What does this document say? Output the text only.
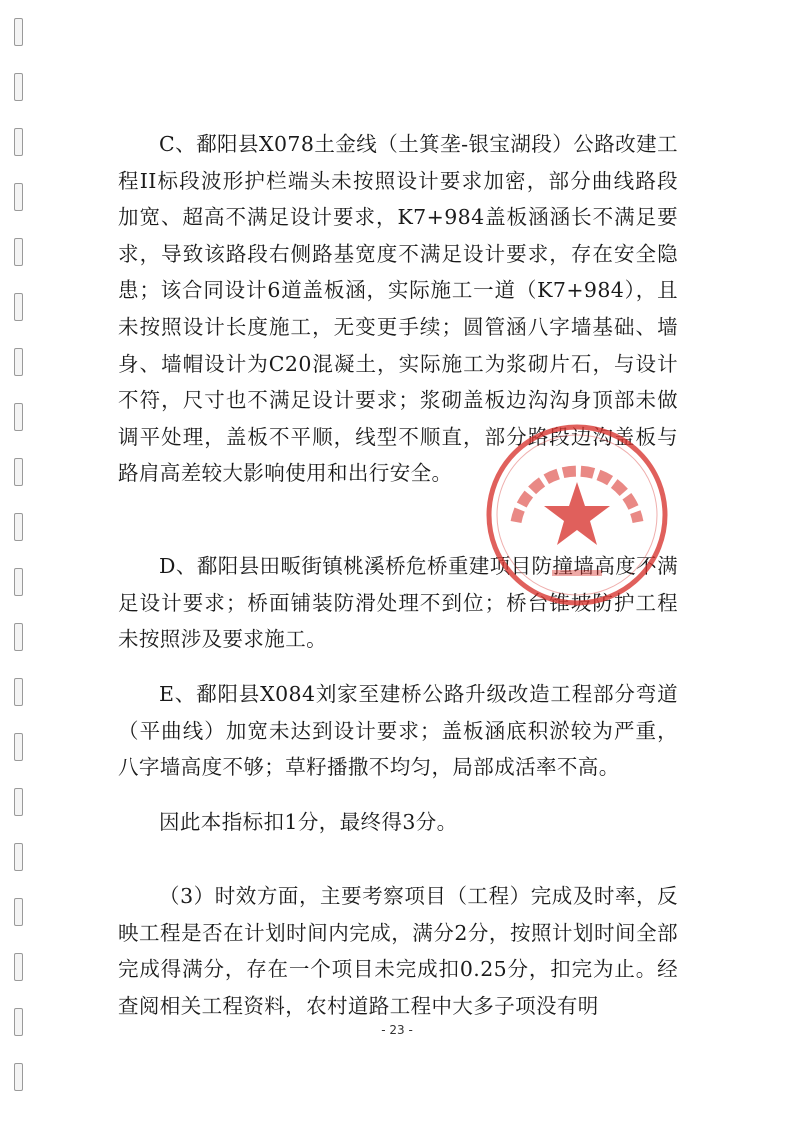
C、鄱阳县X078土金线（土箕垄-银宝湖段）公路改建工程II标段波形护栏端头未按照设计要求加密，部分曲线路段加宽、超高不满足设计要求，K7+984盖板涵涵长不满足要求，导致该路段右侧路基宽度不满足设计要求，存在安全隐患；该合同设计6道盖板涵，实际施工一道（K7+984），且未按照设计长度施工，无变更手续；圆管涵八字墙基础、墙身、墙帽设计为C20混凝土，实际施工为浆砌片石，与设计不符，尺寸也不满足设计要求；浆砌盖板边沟沟身顶部未做调平处理，盖板不平顺，线型不顺直，部分路段边沟盖板与路肩高差较大影响使用和出行安全。

D、鄱阳县田畈街镇桃溪桥危桥重建项目防撞墙高度不满足设计要求；桥面铺装防滑处理不到位；桥台锥坡防护工程未按照涉及要求施工。

E、鄱阳县X084刘家至建桥公路升级改造工程部分弯道（平曲线）加宽未达到设计要求；盖板涵底积淤较为严重，八字墙高度不够；草籽播撒不均匀，局部成活率不高。

因此本指标扣1分，最终得3分。

（3）时效方面，主要考察项目（工程）完成及时率，反映工程是否在计划时间内完成，满分2分，按照计划时间全部完成得满分，存在一个项目未完成扣0.25分，扣完为止。经查阅相关工程资料，农村道路工程中大多子项没有明

- 23 -
